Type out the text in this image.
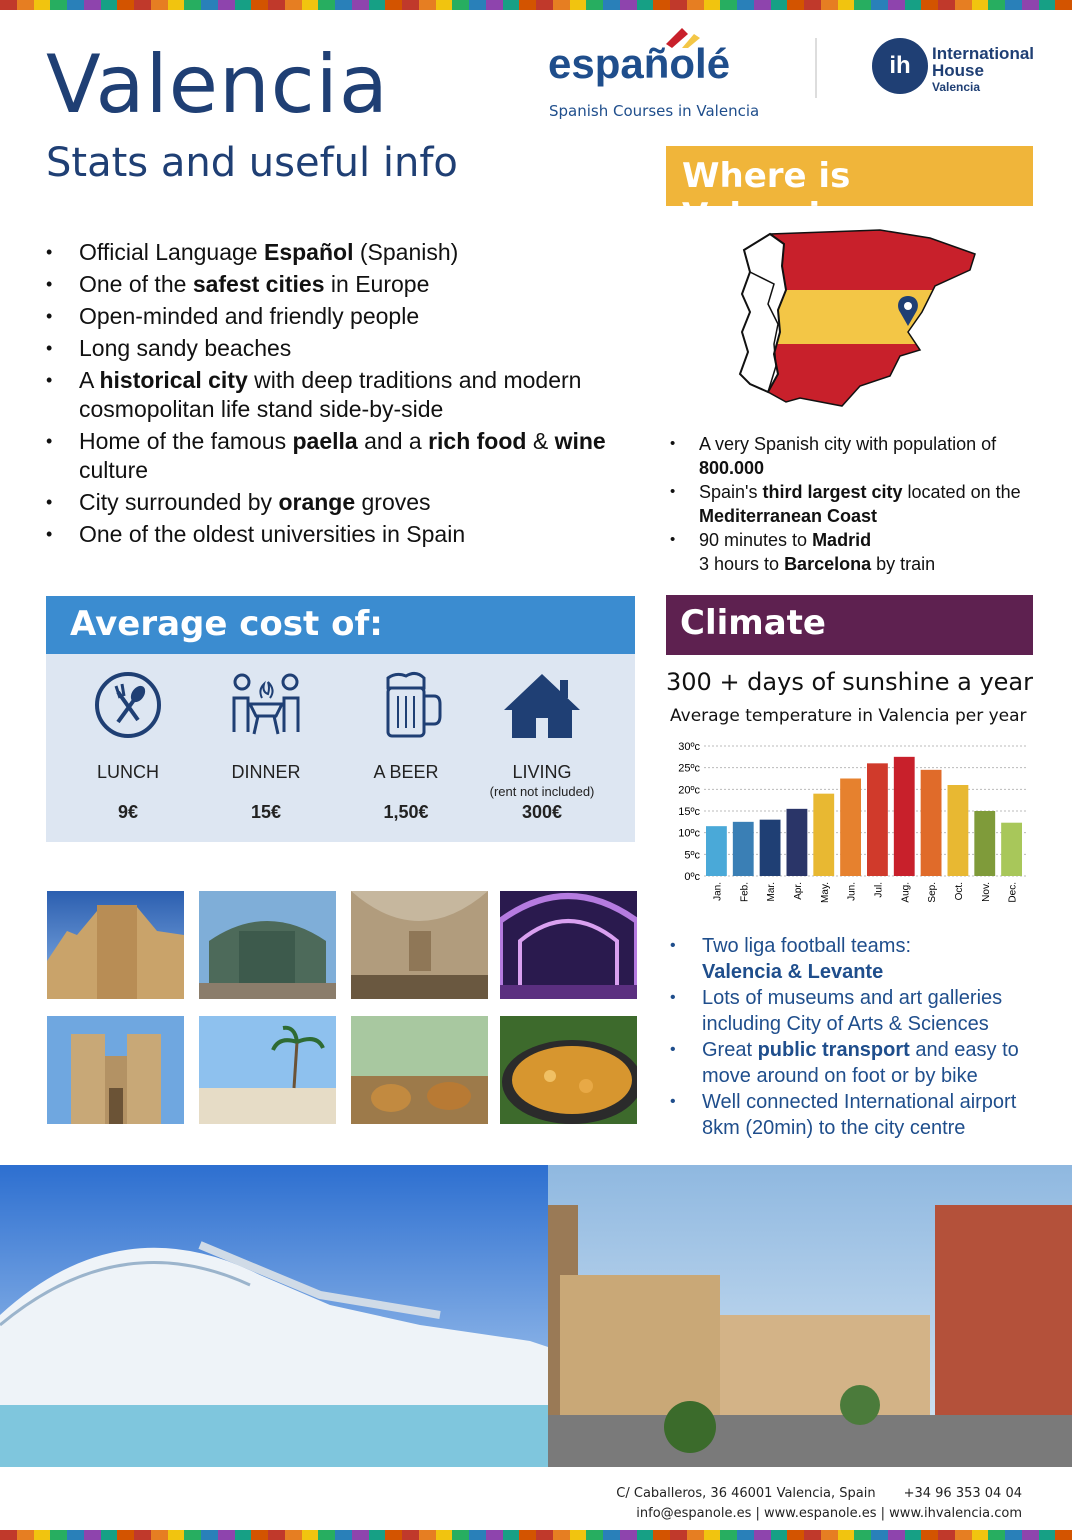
Valencia
Stats and useful info
españolé
Spanish Courses in Valencia
ih	International
House
Valencia
• Official Language Español (Spanish)
• One of the safest cities in Europe
• Open-minded and friendly people
• Long sandy beaches
• A historical city with deep traditions and modern cosmopolitan life stand side-by-side
• Home of the famous paella and a rich food & wine culture
• City surrounded by orange groves
• One of the oldest universities in Spain
Where is Valencia
• A very Spanish city with population of 800.000
• Spain's third largest city located on the Mediterranean Coast
• 90 minutes to Madrid
3 hours to Barcelona by train
Average cost of:
LUNCH
9€
DINNER
15€
A BEER
1,50€
LIVING
(rent not included)
300€
Climate
300 + days of sunshine a year
Average temperature in Valencia per year
0ºc
5ºc
10ºc
15ºc
20ºc
25ºc
30ºc
Jan. Feb. Mar. Apr. May. Jun. Jul. Aug. Sep. Oct. Nov. Dec.
• Two liga football teams:
Valencia & Levante
• Lots of museums and art galleries including City of Arts & Sciences
• Great public transport and easy to move around on foot or by bike
• Well connected International airport 8km (20min) to the city centre
C/ Caballeros, 36 46001 Valencia, Spain +34 96 353 04 04
info@espanole.es | www.espanole.es | www.ihvalencia.com
